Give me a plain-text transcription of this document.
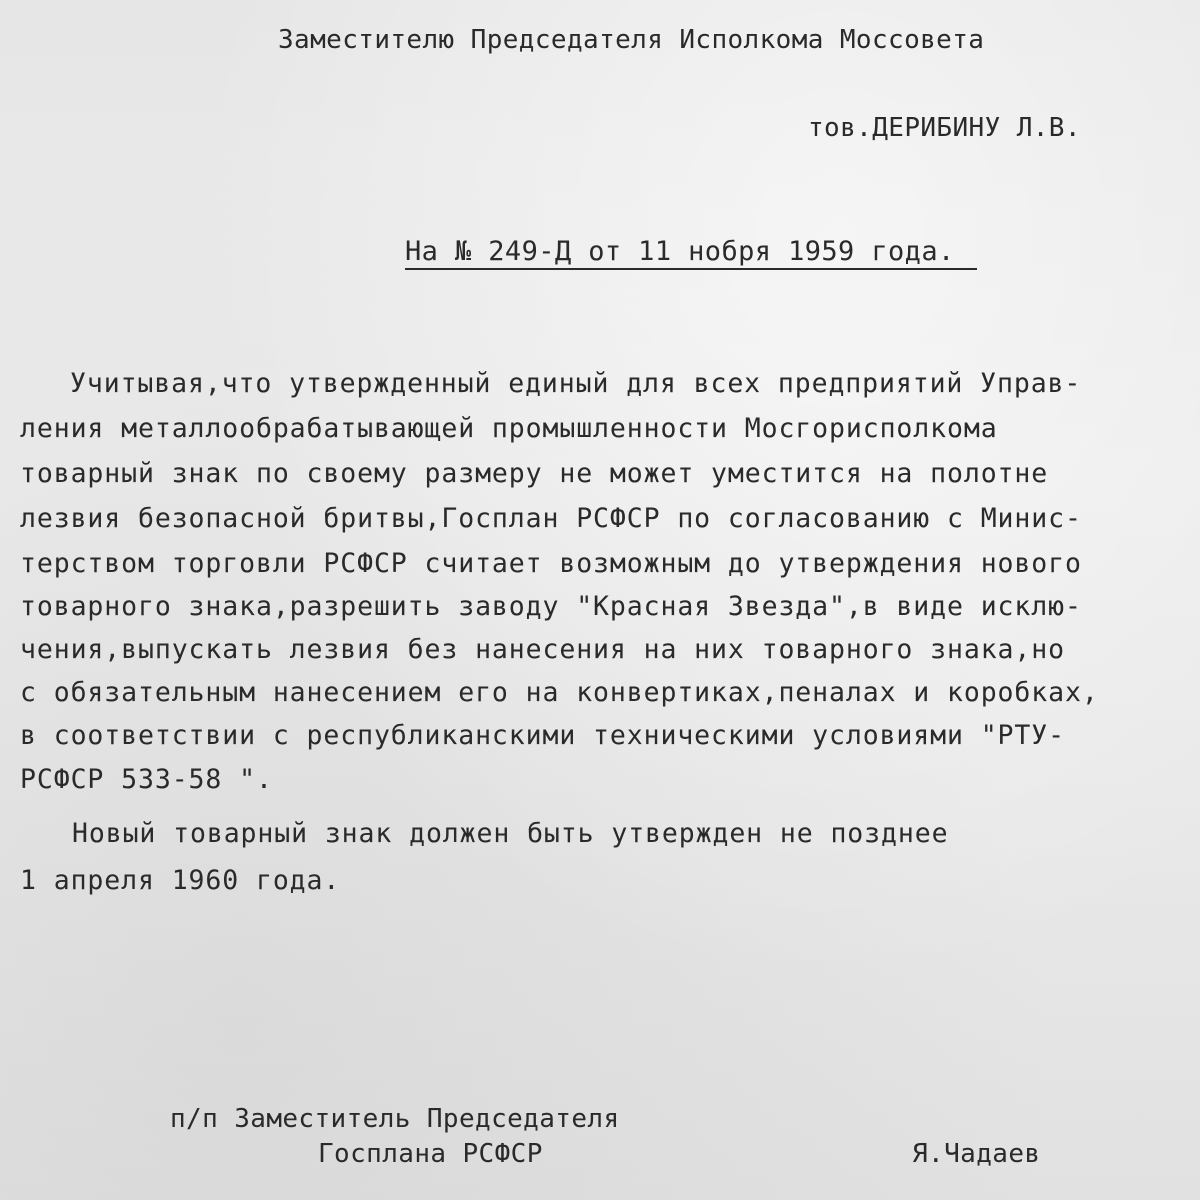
Заместителю Председателя Исполкома Моссовета
тов.ДЕРИБИНУ Л.В.
На № 249-Д от 11 нобря 1959 года.
Учитывая,что утвержденный единый для всех предприятий Управ-
ления металлообрабатывающей промышленности Мосгорисполкома
товарный знак по своему размеру не может уместится на полотне
лезвия безопасной бритвы,Госплан РСФСР по согласованию с Минис-
терством торговли РСФСР считает возможным до утверждения нового
товарного знака,разрешить заводу "Красная Звезда",в виде исклю-
чения,выпускать лезвия без нанесения на них товарного знака,но
с обязательным нанесением его на конвертиках,пеналах и коробках,
в соответствии с республиканскими техническими условиями "РТУ-
РСФСР 533-58 ".
Новый товарный знак должен быть утвержден не позднее
1 апреля 1960 года.
п/п Заместитель Председателя
Госплана РСФСР	Я.Чадаев
